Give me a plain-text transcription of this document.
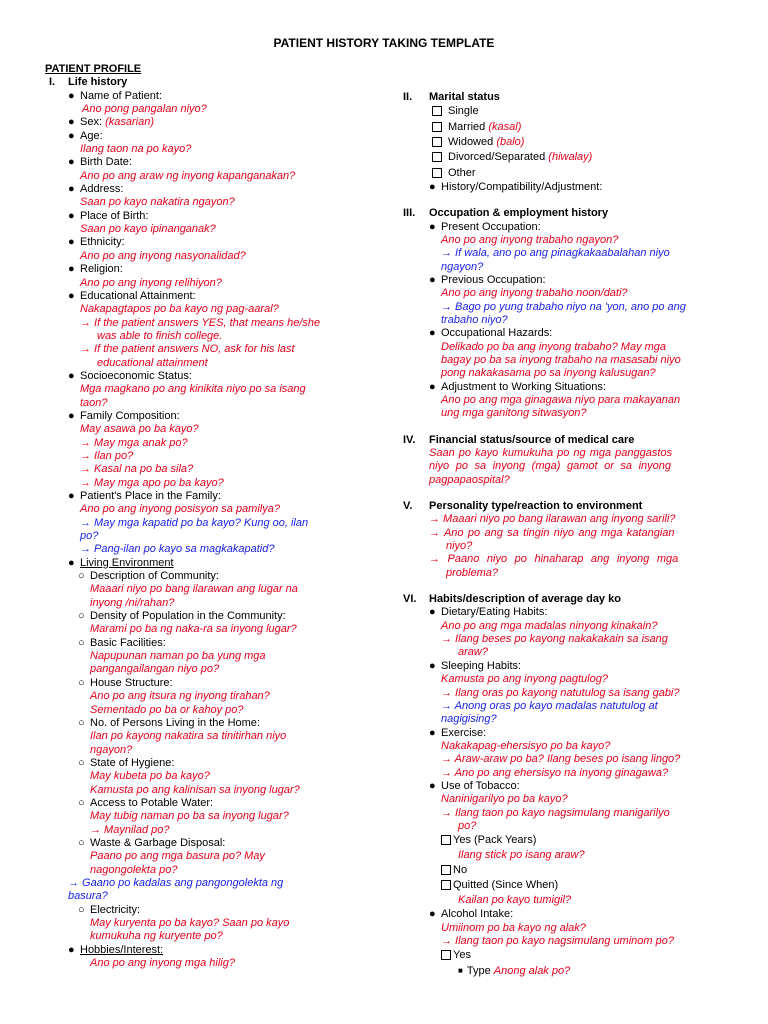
PATIENT HISTORY TAKING TEMPLATE
PATIENT PROFILE
I. Life history
● Name of Patient:
Ano pong pangalan niyo?
● Sex: (kasarian)
● Age:
Ilang taon na po kayo?
● Birth Date:
Ano po ang araw ng inyong kapanganakan?
● Address:
Saan po kayo nakatira ngayon?
● Place of Birth:
Saan po kayo ipinanganak?
● Ethnicity:
Ano po ang inyong nasyonalidad?
● Religion:
Ano po ang inyong relihiyon?
● Educational Attainment:
Nakapagtapos po ba kayo ng pag-aaral?
→ If the patient answers YES, that means he/she
was able to finish college.
→ If the patient answers NO, ask for his last
educational attainment
● Socioeconomic Status:
Mga magkano po ang kinikita niyo po sa isang
taon?
● Family Composition:
May asawa po ba kayo?
→ May mga anak po?
→ Ilan po?
→ Kasal na po ba sila?
→ May mga apo po ba kayo?
● Patient's Place in the Family:
Ano po ang inyong posisyon sa pamilya?
→ May mga kapatid po ba kayo? Kung oo, ilan
po?
→ Pang-ilan po kayo sa magkakapatid?
● Living Environment
○ Description of Community:
Maaari niyo po bang ilarawan ang lugar na
inyong /ni/rahan?
○ Density of Population in the Community:
Marami po ba ng naka-ra sa inyong lugar?
○ Basic Facilities:
Napupunan naman po ba yung mga
pangangailangan niyo po?
○ House Structure:
Ano po ang itsura ng inyong tirahan?
Sementado po ba or kahoy po?
○ No. of Persons Living in the Home:
Ilan po kayong nakatira sa tinitirhan niyo
ngayon?
○ State of Hygiene:
May kubeta po ba kayo?
Kamusta po ang kalinisan sa inyong lugar?
○ Access to Potable Water:
May tubig naman po ba sa inyong lugar?
→ Maynilad po?
○ Waste & Garbage Disposal:
Paano po ang mga basura po? May
nagongolekta po?
→ Gaano po kadalas ang pangongolekta ng
basura?
○ Electricity:
May kuryenta po ba kayo? Saan po kayo
kumukuha ng kuryente po?
● Hobbies/Interest:
Ano po ang inyong mga hilig?
II. Marital status
Single
Married (kasal)
Widowed (balo)
Divorced/Separated (hiwalay)
Other
● History/Compatibility/Adjustment:
III. Occupation & employment history
● Present Occupation:
Ano po ang inyong trabaho ngayon?
→ If wala, ano po ang pinagkakaabalahan niyo
ngayon?
● Previous Occupation:
Ano po ang inyong trabaho noon/dati?
→ Bago po yung trabaho niyo na 'yon, ano po ang
trabaho niyo?
● Occupational Hazards:
Delikado po ba ang inyong trabaho? May mga
bagay po ba sa inyong trabaho na masasabi niyo
pong nakakasama po sa inyong kalusugan?
● Adjustment to Working Situations:
Ano po ang mga ginagawa niyo para makayanan
ung mga ganitong sitwasyon?
IV. Financial status/source of medical care
Saan po kayo kumukuha po ng mga panggastos
niyo po sa inyong (mga) gamot or sa inyong
pagpapaospital?
V. Personality type/reaction to environment
→ Maaari niyo po bang ilarawan ang inyong sarili?
→ Ano po ang sa tingin niyo ang mga katangian
niyo?
→ Paano niyo po hinaharap ang inyong mga
problema?
VI. Habits/description of average day ko
● Dietary/Eating Habits:
Ano po ang mga madalas ninyong kinakain?
→ Ilang beses po kayong nakakakain sa isang
araw?
● Sleeping Habits:
Kamusta po ang inyong pagtulog?
→ Ilang oras po kayong natutulog sa isang gabi?
→ Anong oras po kayo madalas natutulog at
nagigising?
● Exercise:
Nakakapag-ehersisyo po ba kayo?
→ Araw-araw po ba? Ilang beses po isang lingo?
→ Ano po ang ehersisyo na inyong ginagawa?
● Use of Tobacco:
Naninigarilyo po ba kayo?
→ Ilang taon po kayo nagsimulang manigarilyo
po?
Yes (Pack Years)
Ilang stick po isang araw?
No
Quitted (Since When)
Kailan po kayo tumigil?
● Alcohol Intake:
Umiinom po ba kayo ng alak?
→ Ilang taon po kayo nagsimulang uminom po?
Yes
■ Type Anong alak po?
